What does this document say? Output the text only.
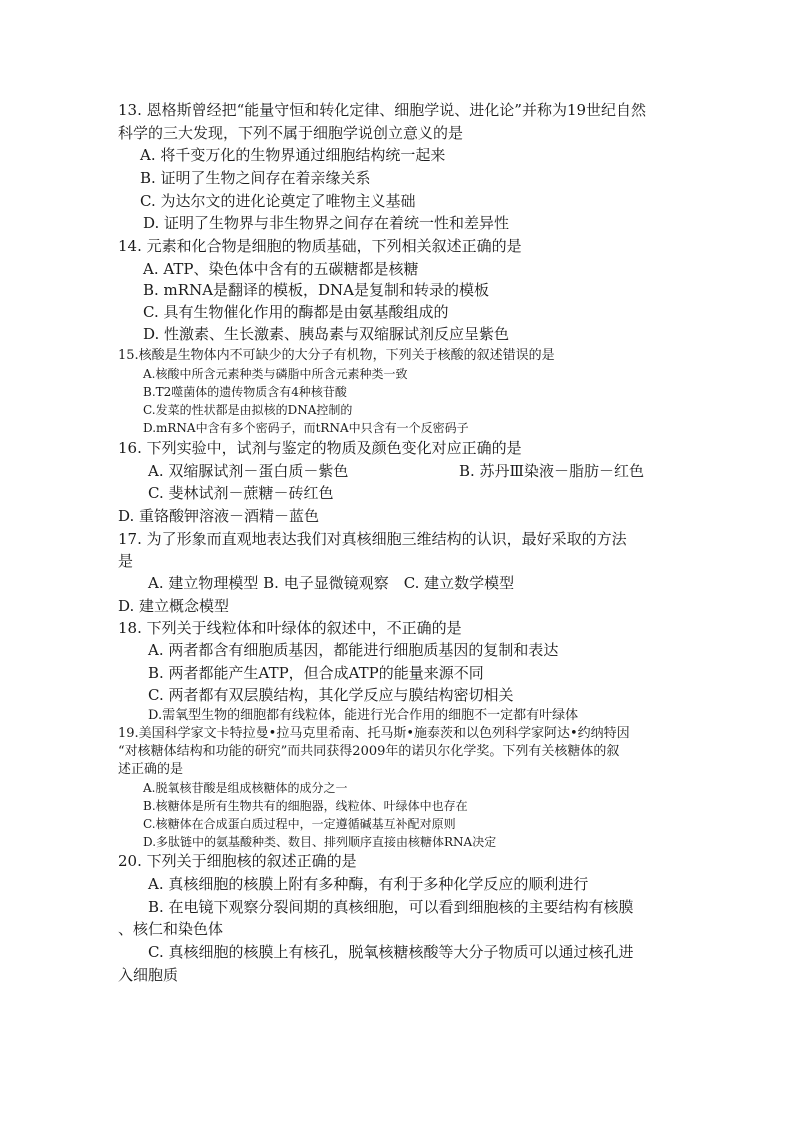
13. 恩格斯曾经把“能量守恒和转化定律、细胞学说、进化论”并称为19世纪自然
科学的三大发现，下列不属于细胞学说创立意义的是
A. 将千变万化的生物界通过细胞结构统一起来
B. 证明了生物之间存在着亲缘关系
C. 为达尔文的进化论奠定了唯物主义基础
D. 证明了生物界与非生物界之间存在着统一性和差异性
14. 元素和化合物是细胞的物质基础，下列相关叙述正确的是
A. ATP、染色体中含有的五碳糖都是核糖
B. mRNA是翻译的模板，DNA是复制和转录的模板
C. 具有生物催化作用的酶都是由氨基酸组成的
D. 性激素、生长激素、胰岛素与双缩脲试剂反应呈紫色
15.核酸是生物体内不可缺少的大分子有机物，下列关于核酸的叙述错误的是
A.核酸中所含元素种类与磷脂中所含元素种类一致
B.T2噬菌体的遗传物质含有4种核苷酸
C.发菜的性状都是由拟核的DNA控制的
D.mRNA中含有多个密码子，而tRNA中只含有一个反密码子
16. 下列实验中，试剂与鉴定的物质及颜色变化对应正确的是
A. 双缩脲试剂－蛋白质－紫色	B. 苏丹Ⅲ染液－脂肪－红色
C. 斐林试剂－蔗糖－砖红色
D. 重铬酸钾溶液－酒精－蓝色
17. 为了形象而直观地表达我们对真核细胞三维结构的认识，最好采取的方法
是
A. 建立物理模型 B. 电子显微镜观察　C. 建立数学模型
D. 建立概念模型
18. 下列关于线粒体和叶绿体的叙述中，不正确的是
A. 两者都含有细胞质基因，都能进行细胞质基因的复制和表达
B. 两者都能产生ATP，但合成ATP的能量来源不同
C. 两者都有双层膜结构，其化学反应与膜结构密切相关
D.需氧型生物的细胞都有线粒体，能进行光合作用的细胞不一定都有叶绿体
19.美国科学家文卡特拉曼•拉马克里希南、托马斯•施泰茨和以色列科学家阿达•约纳特因
“对核糖体结构和功能的研究”而共同获得2009年的诺贝尔化学奖。下列有关核糖体的叙
述正确的是
A.脱氧核苷酸是组成核糖体的成分之一
B.核糖体是所有生物共有的细胞器，线粒体、叶绿体中也存在
C.核糖体在合成蛋白质过程中，一定遵循碱基互补配对原则
D.多肽链中的氨基酸种类、数目、排列顺序直接由核糖体RNA决定
20. 下列关于细胞核的叙述正确的是
A. 真核细胞的核膜上附有多种酶，有利于多种化学反应的顺利进行
B. 在电镜下观察分裂间期的真核细胞，可以看到细胞核的主要结构有核膜
、核仁和染色体
C. 真核细胞的核膜上有核孔，脱氧核糖核酸等大分子物质可以通过核孔进
入细胞质
